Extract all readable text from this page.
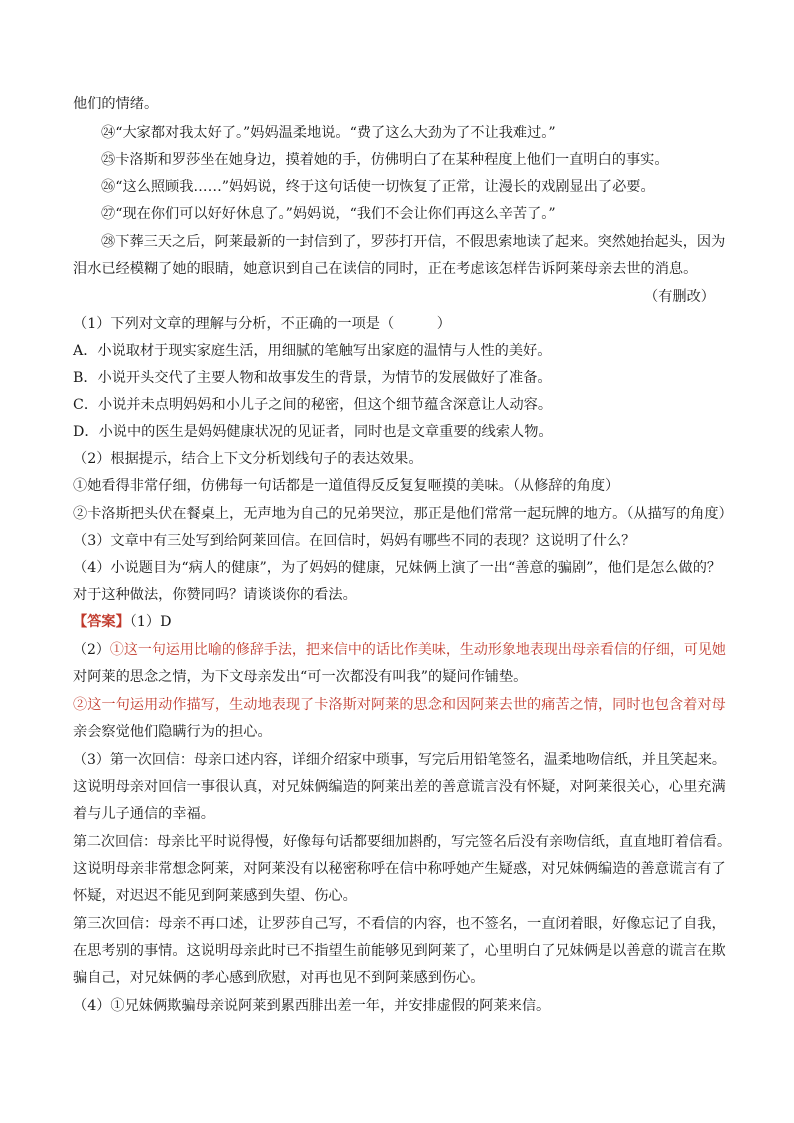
他们的情绪。
㉔“大家都对我太好了。”妈妈温柔地说。“费了这么大劲为了不让我难过。”
㉕卡洛斯和罗莎坐在她身边，摸着她的手，仿佛明白了在某种程度上他们一直明白的事实。
㉖“这么照顾我……”妈妈说，终于这句话使一切恢复了正常，让漫长的戏剧显出了必要。
㉗“现在你们可以好好休息了。”妈妈说，“我们不会让你们再这么辛苦了。”
㉘下葬三天之后，阿莱最新的一封信到了，罗莎打开信，不假思索地读了起来。突然她抬起头，因为
泪水已经模糊了她的眼睛，她意识到自己在读信的同时，正在考虑该怎样告诉阿莱母亲去世的消息。
（有删改）
（1）下列对文章的理解与分析，不正确的一项是（　　　）
A．小说取材于现实家庭生活，用细腻的笔触写出家庭的温情与人性的美好。
B．小说开头交代了主要人物和故事发生的背景，为情节的发展做好了准备。
C．小说并未点明妈妈和小儿子之间的秘密，但这个细节蕴含深意让人动容。
D．小说中的医生是妈妈健康状况的见证者，同时也是文章重要的线索人物。
（2）根据提示，结合上下文分析划线句子的表达效果。
①她看得非常仔细，仿佛每一句话都是一道值得反反复复咂摸的美味。（从修辞的角度）
②卡洛斯把头伏在餐桌上，无声地为自己的兄弟哭泣，那正是他们常常一起玩牌的地方。（从描写的角度）
（3）文章中有三处写到给阿莱回信。在回信时，妈妈有哪些不同的表现？这说明了什么？
（4）小说题目为“病人的健康”，为了妈妈的健康，兄妹俩上演了一出“善意的骗剧”，他们是怎么做的？
对于这种做法，你赞同吗？请谈谈你的看法。
【答案】（1）D
（2）①这一句运用比喻的修辞手法，把来信中的话比作美味，生动形象地表现出母亲看信的仔细，可见她
对阿莱的思念之情，为下文母亲发出“可一次都没有叫我”的疑问作铺垫。
②这一句运用动作描写，生动地表现了卡洛斯对阿莱的思念和因阿莱去世的痛苦之情，同时也包含着对母
亲会察觉他们隐瞒行为的担心。
（3）第一次回信：母亲口述内容，详细介绍家中琐事，写完后用铅笔签名，温柔地吻信纸，并且笑起来。
这说明母亲对回信一事很认真，对兄妹俩编造的阿莱出差的善意谎言没有怀疑，对阿莱很关心，心里充满
着与儿子通信的幸福。
第二次回信：母亲比平时说得慢，好像每句话都要细加斟酌，写完签名后没有亲吻信纸，直直地盯着信看。
这说明母亲非常想念阿莱，对阿莱没有以秘密称呼在信中称呼她产生疑惑，对兄妹俩编造的善意谎言有了
怀疑，对迟迟不能见到阿莱感到失望、伤心。
第三次回信：母亲不再口述，让罗莎自己写，不看信的内容，也不签名，一直闭着眼，好像忘记了自我，
在思考别的事情。这说明母亲此时已不指望生前能够见到阿莱了，心里明白了兄妹俩是以善意的谎言在欺
骗自己，对兄妹俩的孝心感到欣慰，对再也见不到阿莱感到伤心。
（4）①兄妹俩欺骗母亲说阿莱到累西腓出差一年，并安排虚假的阿莱来信。
